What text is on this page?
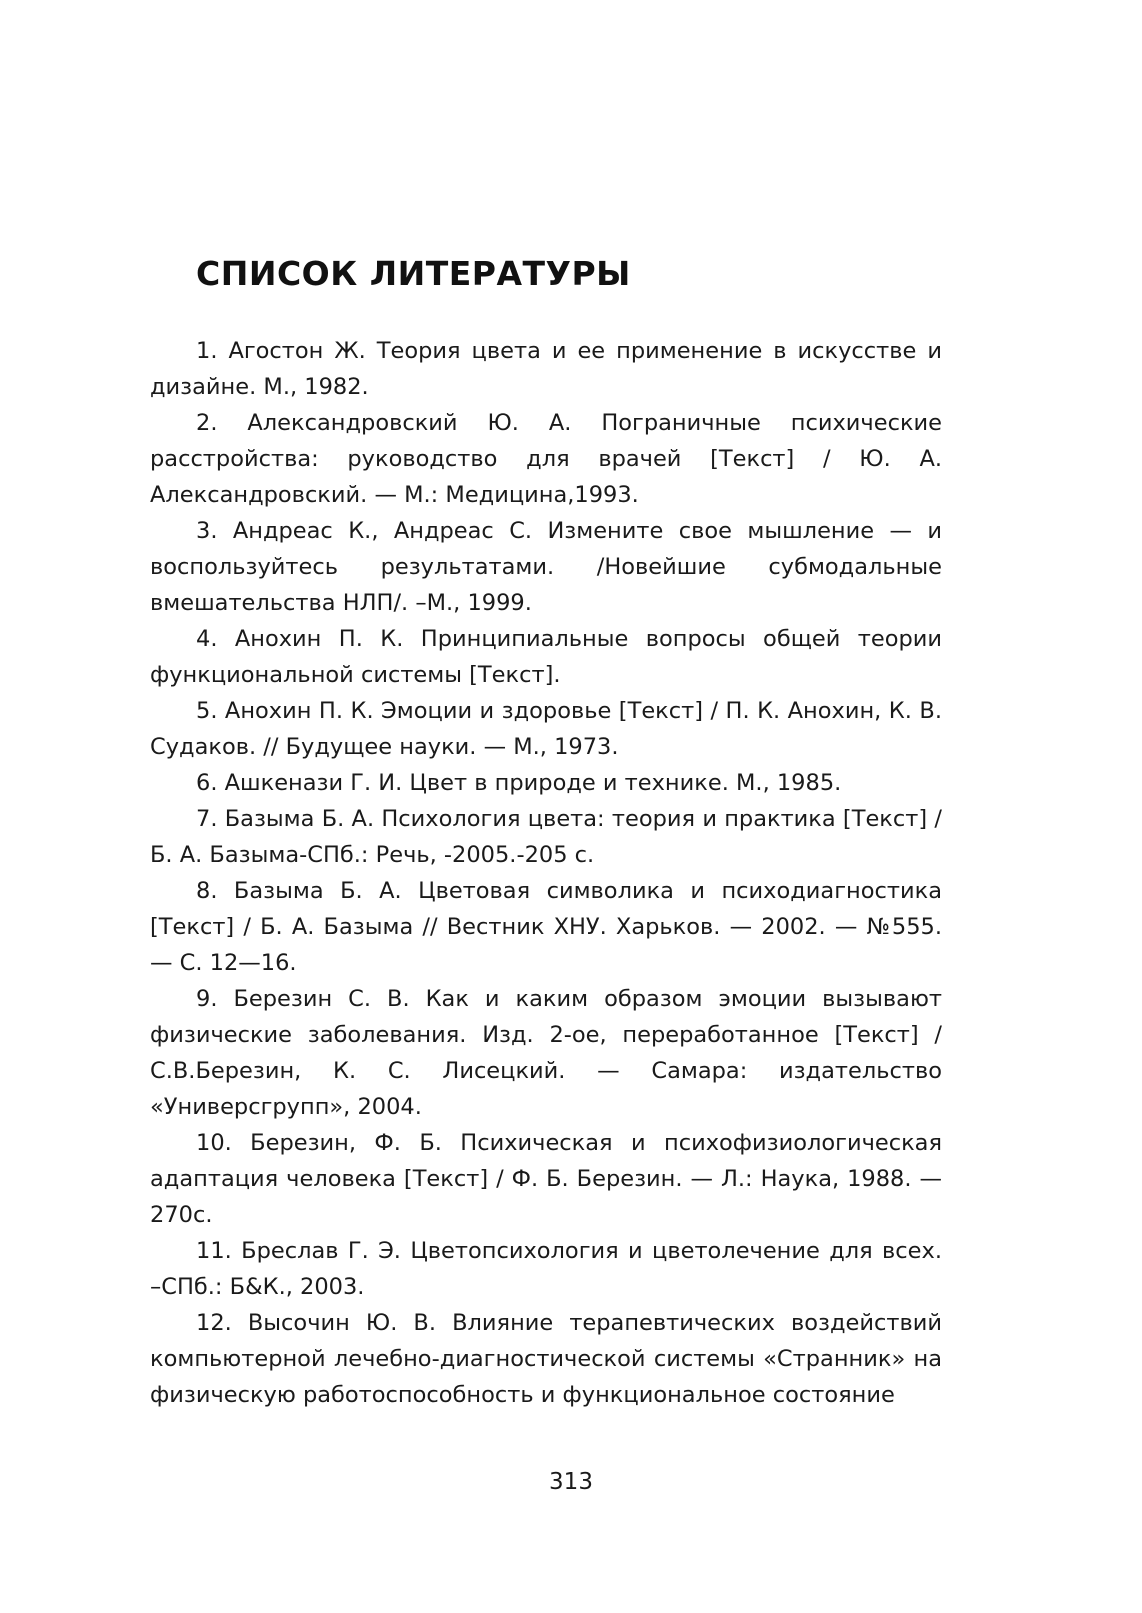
СПИСОК ЛИТЕРАТУРЫ

1. Агостон Ж. Теория цвета и ее применение в искусстве и дизайне. М., 1982.

2. Александровский Ю. А. Пограничные психические расстройства: руководство для врачей [Текст] / Ю. А. Александровский. — М.: Медицина,1993.

3. Андреас К., Андреас С. Измените свое мышление — и воспользуйтесь результатами. /Новейшие субмодальные вмешательства НЛП/. –М., 1999.

4. Анохин П. К. Принципиальные вопросы общей теории функциональной системы [Текст].

5. Анохин П. К. Эмоции и здоровье [Текст] / П. К. Анохин, К. В. Судаков. // Будущее науки. — М., 1973.

6. Ашкенази Г. И. Цвет в природе и технике. М., 1985.

7. Базыма Б. А. Психология цвета: теория и практика [Текст] / Б. А. Базыма-СПб.: Речь, -2005.-205 с.

8. Базыма Б. А. Цветовая символика и психодиагностика [Текст] / Б. А. Базыма // Вестник ХНУ. Харьков. — 2002. — №555. — С. 12—16.

9. Березин С. В. Как и каким образом эмоции вызывают физические заболевания. Изд. 2-ое, переработанное [Текст] / С.В.Березин, К. С. Лисецкий. — Самара: издательство «Универсгрупп», 2004.

10. Березин, Ф. Б. Психическая и психофизиологическая адаптация человека [Текст] / Ф. Б. Березин. — Л.: Наука, 1988. — 270с.

11. Бреслав Г. Э. Цветопсихология и цветолечение для всех. –СПб.: Б&К., 2003.

12. Высочин Ю. В. Влияние терапевтических воздействий компьютерной лечебно-диагностической системы «Странник» на физическую работоспособность и функциональное состояние

313
